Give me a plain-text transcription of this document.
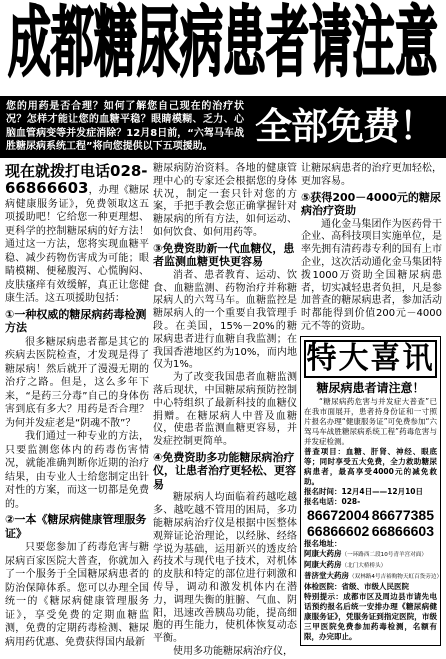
成都糖尿病患者请注意
您的用药是否合理？如何了解您自己现在的治疗状况？怎样才能让您的血糖平稳？眼睛模糊、乏力、心脑血管病变等并发症消除？12月8日前，“六驾马车战胜糖尿病系统工程”将向您提供以下五项援助。	全部免费！
现在就拨打电话028-

66866603，办理《糖尿病健康服务证》，免费领取这五项援助吧！它给您一种更理想、更科学的控制糖尿病的好方法！通过这一方法，您将实现血糖平稳、减少药物伤害成为可能；眼睛模糊、便秘腹泻、心慌胸闷、皮肤瘙痒有效缓解，真正让您健康生活。这五项援助包括：

①一种权威的糖尿病药毒检测方法

很多糖尿病患者都是其它的疾病去医院检查，才发现是得了糖尿病！然后就开了漫漫无期的治疗之路。但是，这么多年下来，“是药三分毒”自己的身体伤害到底有多大？用药是否合理？为何并发症老是“阴魂不散”？

我们通过一种专业的方法，只要监测您体内的药毒伤害情况，就能准确判断你近期的治疗结果，由专业人士给您制定出针对性的方案，而这一切都是免费的。

②一本《糖尿病健康管理服务证》

只要您参加了药毒危害与糖尿病百家医院大普查，你就加入了一个服务于全国糖尿病患者的防治保障体系。您可以办理全国统一的《糖尿病健康管理服务证》，享受免费的定期血糖监测，免费的定期药毒检测、糖尿病用药优惠、免费获得国内最新

糖尿病防治资料。各地的健康管理中心的专家还会根据您的身体状况，制定一套只针对您的方案，手把手教会您正确掌握针对糖尿病的所有方法，如何运动、如何饮食、如何用药等。

③免费资助新一代血糖仪，患者监测血糖更快更容易

消者、患者教育、运动、饮食、血糖监测、药物治疗并称糖尿病人的六驾马车。血糖监控是糖尿病人的一个重要自我管理手段。在美国，15%－20%的糖尿病患者进行血糖自我监测；在我国香港地区约为10%，而内地仅为1%。

为了改变我国患者血糖监测落后现状，中国糖尿病预防控制中心特组织了最新科技的血糖仪捐赠。在糖尿病人中普及血糖仪，使患者监测血糖更容易，并发症控制更简单。

④免费资助多功能糖尿病治疗仪，让患者治疗更轻松、更容易

糖尿病人均面临着药越吃越多、越吃越不管用的困局，多功能糖尿病治疗仪是根据中医整体观辩证论治理论，以经脉、经络学说为基础，运用新兴的透皮给药技术与现代电子技术，对机体的皮肤和特定的部位进行刺激和传导，调动和激发机体内在潜力，调理失衡的脏腑、气血、阴阳，迅速改善胰岛功能，提高细胞的再生能力，使机体恢复动态平衡。

使用多功能糖尿病治疗仪，

让糖尿病患者的治疗更加轻松，更加容易。

⑤获得200－4000元的糖尿病治疗资助

通化金马集团作为医药骨干企业、高科技项目实施单位，是率先拥有清药毒专利的国有上市企业，这次活动通化金马集团特拨1000万资助全国糖尿病患者，切实减轻患者负担，凡是参加普查的糖尿病患者，参加活动时都能得到价值200元－4000元不等的资助。

特大喜讯
糖尿病患者请注意！

“糖尿病药危害与并发症大普查”已在我市面展开，患者持身份证和一寸照片报名办理“健康服务证”可免费参加“六驾马车战胜糖尿病系统工程”药毒危害与并发症检测。

普查项目：血糖、肝肾、神经、眼底等；同时享受五大免费，全力救助糖尿病患者，最高享受4000元的减免救助。

报名时间：12月4日——12月10日
报名电话：028-
86672004 86677385
66866602 66866603
报名地址：
阿康大药房（一环路西二段10号青羊宫对面）
阿康大药房（北门大桥桥头）
普济堂大药房（双林路4号吉裕购物天虹百货旁边）
体检医院：省级、市级人民医院

特别提示：成都市区及周边县市请先电话预约报名后统一安排办理《糖尿病健康服务证》，凭服务证到指定医院，市级三甲医院免费参加药毒检测，名额有限，办完即止。
